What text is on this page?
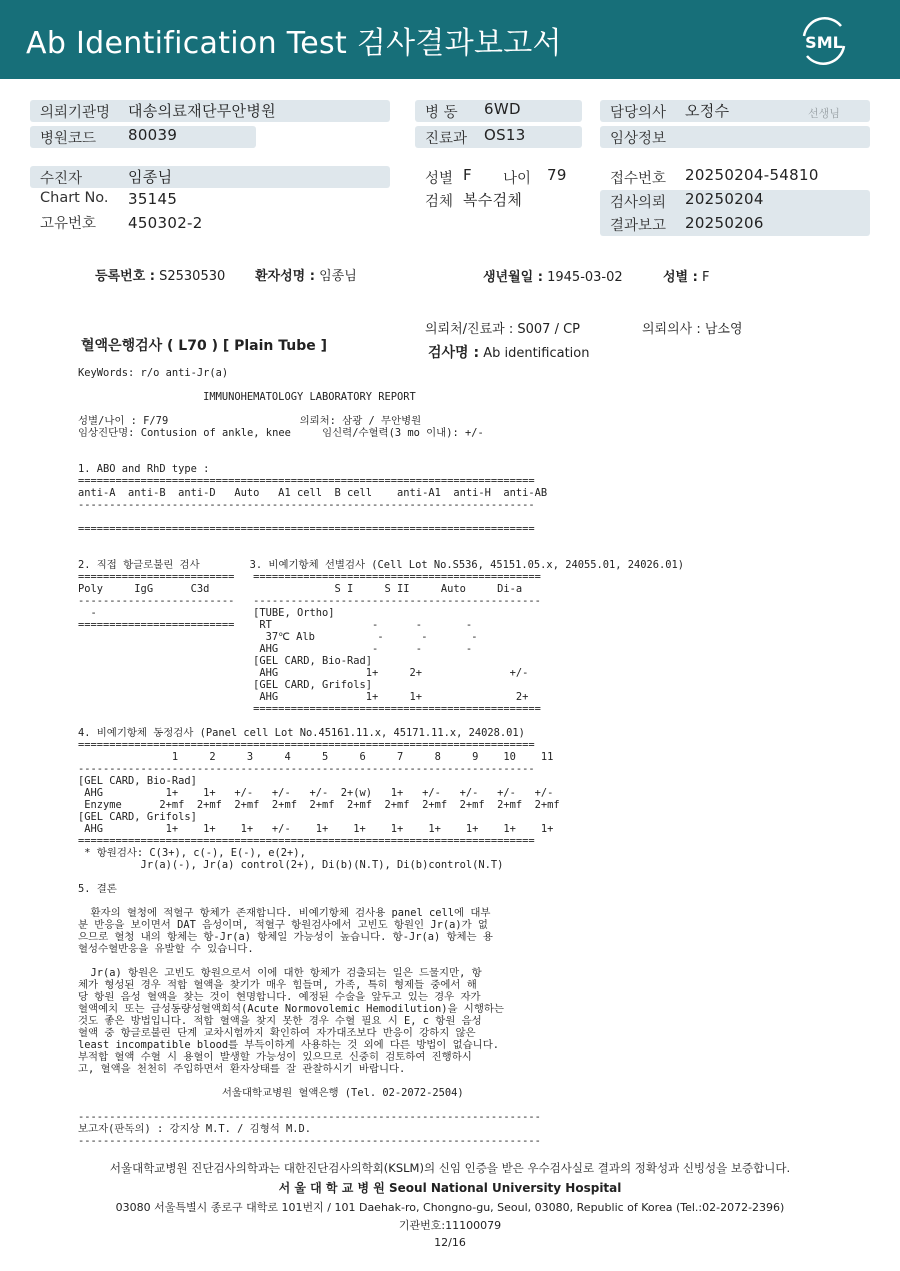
Ab Identification Test 검사결과보고서	SML
의뢰기관명 대송의료재단무안병원	병 동 6WD	담당의사 오정수	선생님
병원코드 80039	진료과 OS13	임상정보
수진자	임종님	성별 F 나이 79	접수번호 20250204-54810
Chart No. 35145	검체 복수검체	검사의뢰 20250204
고유번호 450302-2	결과보고 20250206
등록번호 : S2530530 환자성명 : 임종님	생년월일 : 1945-03-02	성별 : F
의뢰처/진료과 : S007 / CP	의뢰의사 : 남소영
혈액은행검사 ( L70 ) [ Plain Tube ]	검사명 : Ab identification
KeyWords: r/o anti-Jr(a)

IMMUNOHEMATOLOGY LABORATORY REPORT

성별/나이 : F/79                     의뢰처: 삼광 / 무안병원
임상진단명: Contusion of ankle, knee     임신력/수혈력(3 mo 이내): +/-

1. ABO and RhD type :
=========================================================================
anti-A  anti-B  anti-D   Auto   A1 cell  B cell    anti-A1  anti-H  anti-AB
-------------------------------------------------------------------------

=========================================================================

2. 직접 항글로불린 검사        3. 비예기항체 선별검사 (Cell Lot No.S536, 45151.05.x, 24055.01, 24026.01)
=========================   ==============================================
Poly     IgG      C3d                    S I     S II     Auto     Di-a
-------------------------   ----------------------------------------------
-                         [TUBE, Ortho]
=========================    RT                -      -       -
37℃ Alb          -      -       -
AHG               -      -       -
[GEL CARD, Bio-Rad]
AHG              1+     2+              +/-
[GEL CARD, Grifols]
AHG              1+     1+               2+
==============================================

4. 비예기항체 동정검사 (Panel cell Lot No.45161.11.x, 45171.11.x, 24028.01)
=========================================================================
1     2     3     4     5     6     7     8     9    10    11
-------------------------------------------------------------------------
[GEL CARD, Bio-Rad]
AHG          1+    1+   +/-   +/-   +/-  2+(w)   1+   +/-   +/-   +/-   +/-
Enzyme      2+mf  2+mf  2+mf  2+mf  2+mf  2+mf  2+mf  2+mf  2+mf  2+mf  2+mf
[GEL CARD, Grifols]
AHG          1+    1+    1+   +/-    1+    1+    1+    1+    1+    1+    1+
=========================================================================
* 항원검사: C(3+), c(-), E(-), e(2+),
Jr(a)(-), Jr(a) control(2+), Di(b)(N.T), Di(b)control(N.T)

5. 결론

환자의 혈청에 적혈구 항체가 존재합니다. 비예기항체 검사용 panel cell에 대부
분 반응을 보이면서 DAT 음성이며, 적혈구 항원검사에서 고빈도 항원인 Jr(a)가 없
으므로 혈청 내의 항체는 항-Jr(a) 항체일 가능성이 높습니다. 항-Jr(a) 항체는 용
혈성수혈반응을 유발할 수 있습니다.

Jr(a) 항원은 고빈도 항원으로서 이에 대한 항체가 검출되는 일은 드물지만, 항
체가 형성된 경우 적합 혈액을 찾기가 매우 힘들며, 가족, 특히 형제들 중에서 해
당 항원 음성 혈액을 찾는 것이 현명합니다. 예정된 수술을 앞두고 있는 경우 자가
혈액예치 또는 급성동량성혈액희석(Acute Normovolemic Hemodilution)을 시행하는
것도 좋은 방법입니다. 적합 혈액을 찾지 못한 경우 수혈 필요 시 E, c 항원 음성
혈액 중 항글로불린 단계 교차시험까지 확인하여 자가대조보다 반응이 강하지 않은
least incompatible blood를 부득이하게 사용하는 것 외에 다른 방법이 없습니다.
부적합 혈액 수혈 시 용혈이 발생할 가능성이 있으므로 신중히 검토하여 진행하시
고, 혈액을 천천히 주입하면서 환자상태를 잘 관찰하시기 바랍니다.

서울대학교병원 혈액은행 (Tel. 02-2072-2504)

--------------------------------------------------------------------------
보고자(판독의) : 강지상 M.T. / 김형석 M.D.
--------------------------------------------------------------------------
서울대학교병원 진단검사의학과는 대한진단검사의학회(KSLM)의 신임 인증을 받은 우수검사실로 결과의 정확성과 신빙성을 보증합니다.
서 울 대 학 교 병 원 Seoul National University Hospital
03080 서울특별시 종로구 대학로 101번지 / 101 Daehak-ro, Chongno-gu, Seoul, 03080, Republic of Korea (Tel.:02-2072-2396)
기관번호:11100079
12/16
